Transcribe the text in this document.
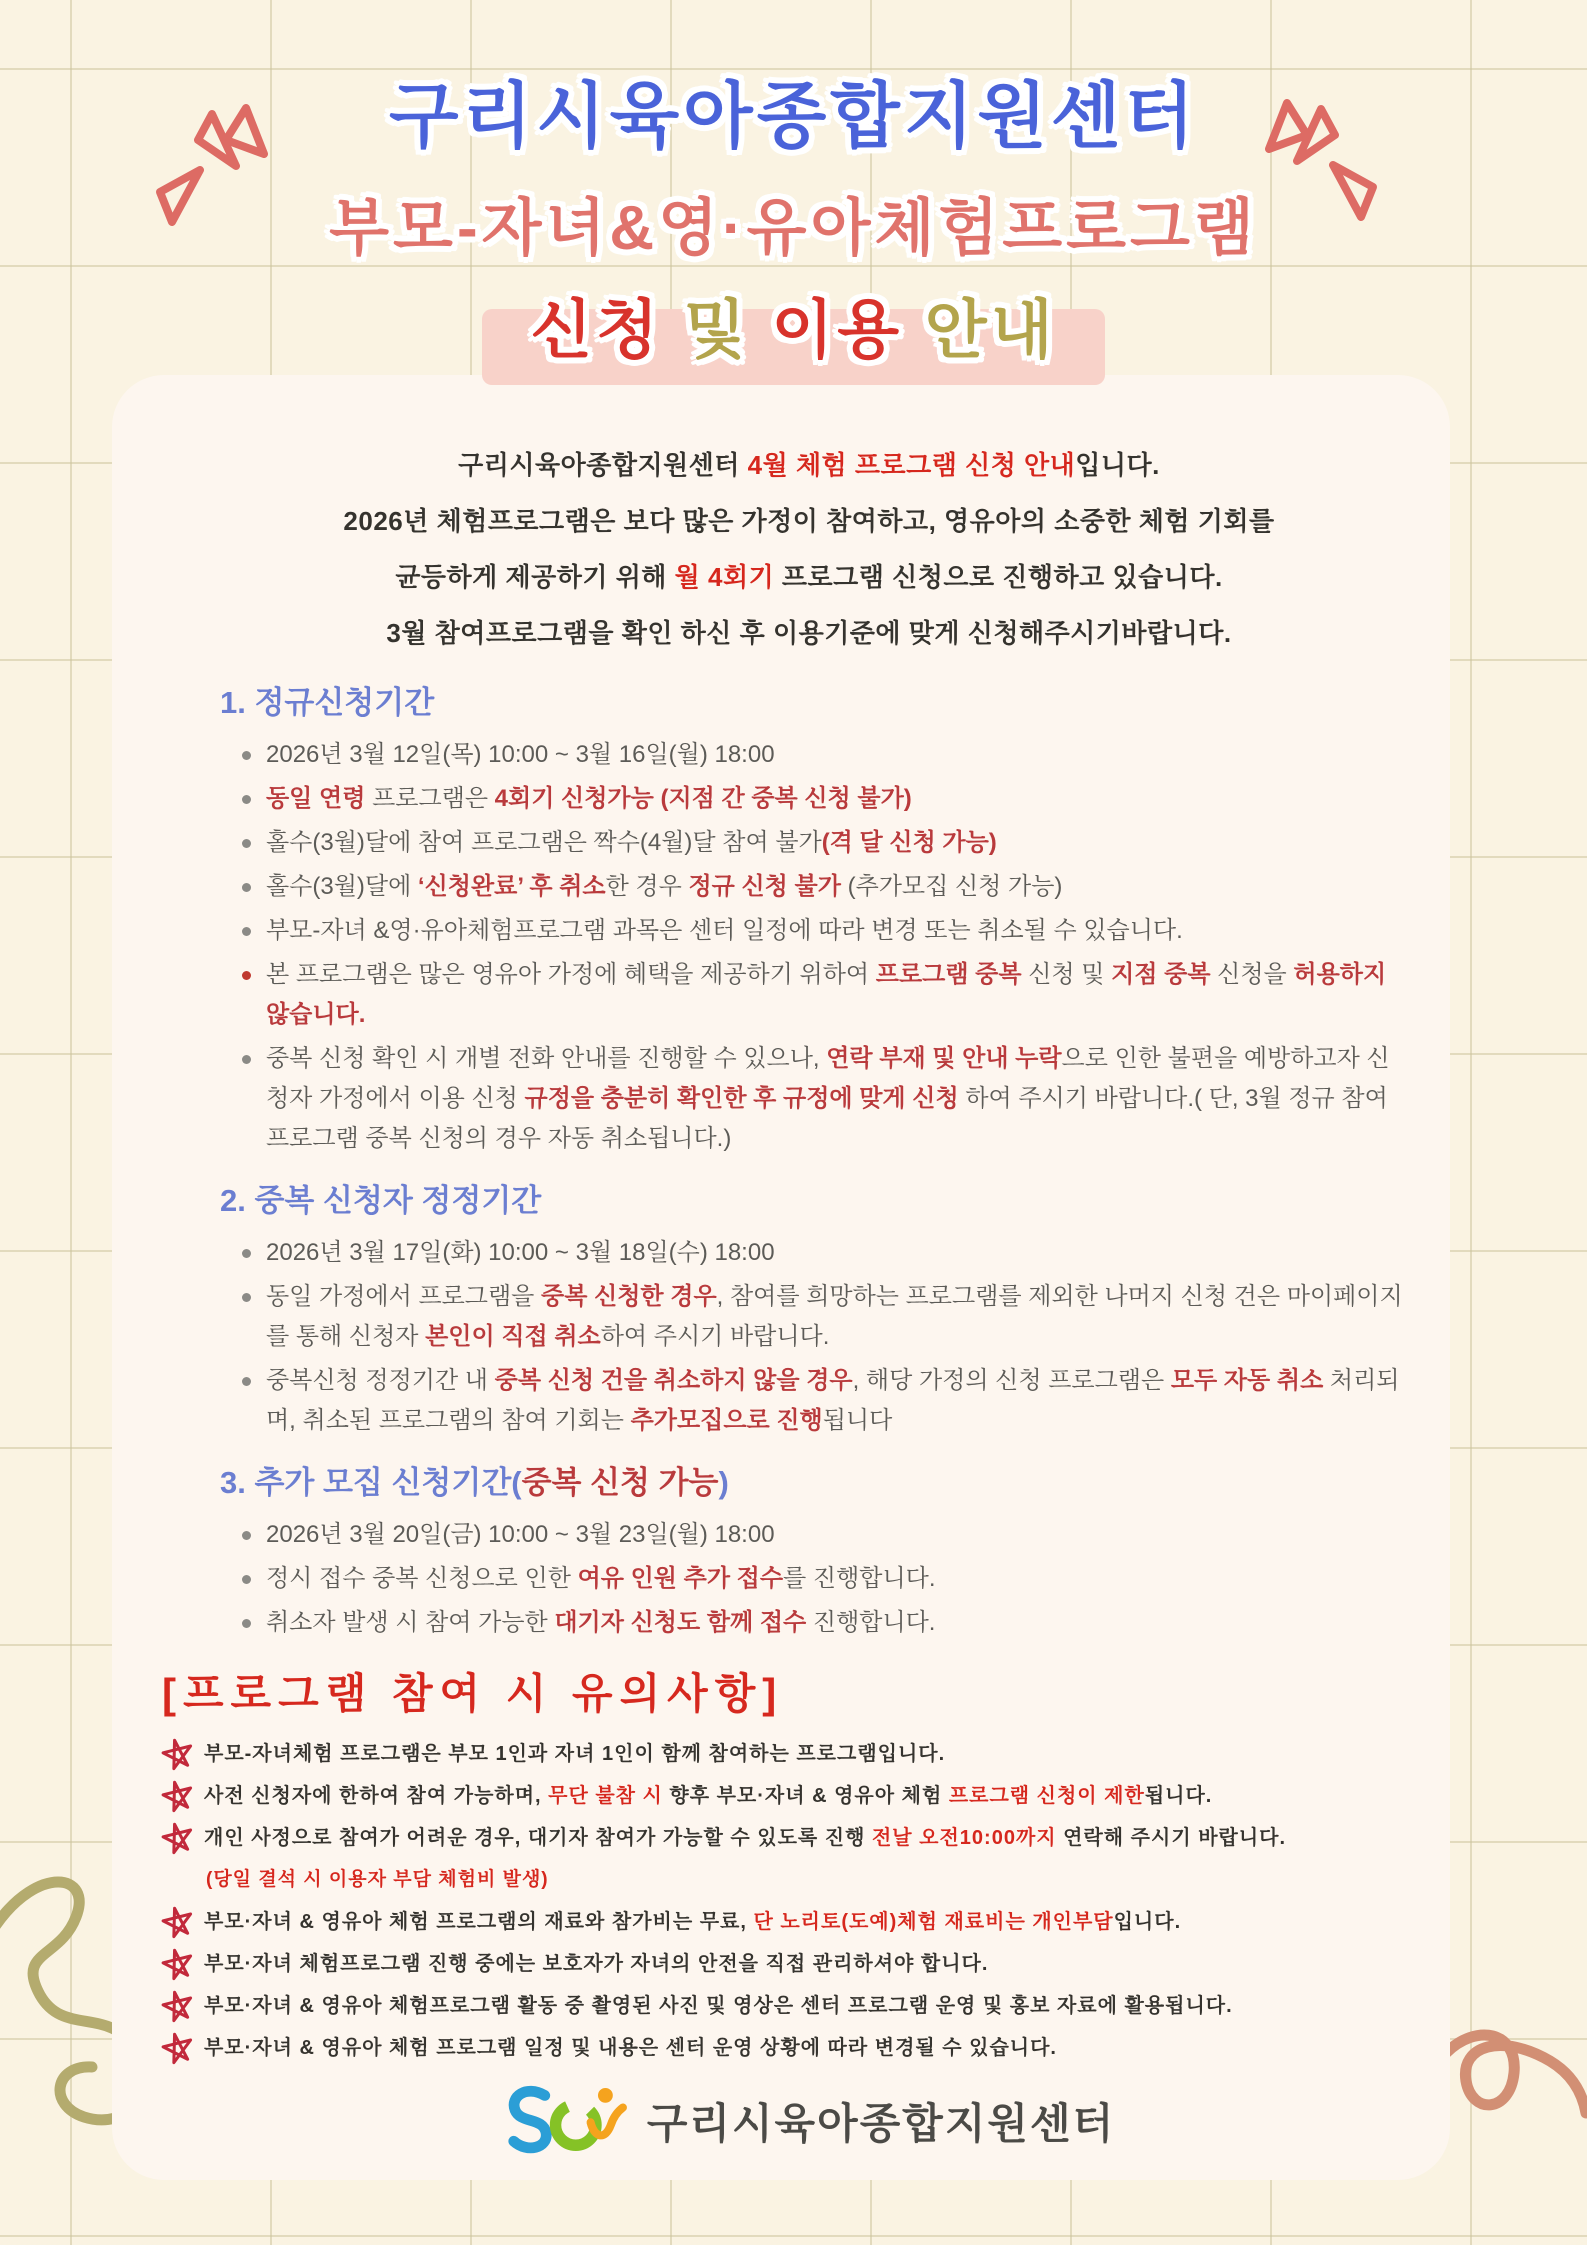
구리시육아종합지원센터
부모-자녀&영·유아체험프로그램
신청 및 이용 안내
구리시육아종합지원센터 4월 체험 프로그램 신청 안내입니다.
2026년 체험프로그램은 보다 많은 가정이 참여하고, 영유아의 소중한 체험 기회를
균등하게 제공하기 위해 월 4회기 프로그램 신청으로 진행하고 있습니다.
3월 참여프로그램을 확인 하신 후 이용기준에 맞게 신청해주시기바랍니다.
1. 정규신청기간
2026년 3월 12일(목) 10:00 ~ 3월 16일(월) 18:00
동일 연령 프로그램은 4회기 신청가능 (지점 간 중복 신청 불가)
홀수(3월)달에 참여 프로그램은 짝수(4월)달 참여 불가(격 달 신청 가능)
홀수(3월)달에 ‘신청완료’ 후 취소한 경우 정규 신청 불가 (추가모집 신청 가능)
부모-자녀 &영·유아체험프로그램 과목은 센터 일정에 따라 변경 또는 취소될 수 있습니다.
본 프로그램은 많은 영유아 가정에 혜택을 제공하기 위하여 프로그램 중복 신청 및 지점 중복 신청을 허용하지 않습니다.
중복 신청 확인 시 개별 전화 안내를 진행할 수 있으나, 연락 부재 및 안내 누락으로 인한 불편을 예방하고자 신청자 가정에서 이용 신청 규정을 충분히 확인한 후 규정에 맞게 신청 하여 주시기 바랍니다.( 단, 3월 정규 참여 프로그램 중복 신청의 경우 자동 취소됩니다.)
2. 중복 신청자 정정기간
2026년 3월 17일(화) 10:00 ~ 3월 18일(수) 18:00
동일 가정에서 프로그램을 중복 신청한 경우, 참여를 희망하는 프로그램를 제외한 나머지 신청 건은 마이페이지를 통해 신청자 본인이 직접 취소하여 주시기 바랍니다.
중복신청 정정기간 내 중복 신청 건을 취소하지 않을 경우, 해당 가정의 신청 프로그램은 모두 자동 취소 처리되며, 취소된 프로그램의 참여 기회는 추가모집으로 진행됩니다
3. 추가 모집 신청기간(중복 신청 가능)
2026년 3월 20일(금) 10:00 ~ 3월 23일(월) 18:00
정시 접수 중복 신청으로 인한 여유 인원 추가 접수를 진행합니다.
취소자 발생 시 참여 가능한 대기자 신청도 함께 접수 진행합니다.
[프로그램 참여 시 유의사항]
부모-자녀체험 프로그램은 부모 1인과 자녀 1인이 함께 참여하는 프로그램입니다.
사전 신청자에 한하여 참여 가능하며, 무단 불참 시 향후 부모·자녀 & 영유아 체험 프로그램 신청이 제한됩니다.
개인 사정으로 참여가 어려운 경우, 대기자 참여가 가능할 수 있도록 진행 전날 오전10:00까지 연락해 주시기 바랍니다.
(당일 결석 시 이용자 부담 체험비 발생)
부모·자녀 & 영유아 체험 프로그램의 재료와 참가비는 무료, 단 노리토(도예)체험 재료비는 개인부담입니다.
부모·자녀 체험프로그램 진행 중에는 보호자가 자녀의 안전을 직접 관리하셔야 합니다.
부모·자녀 & 영유아 체험프로그램 활동 중 촬영된 사진 및 영상은 센터 프로그램 운영 및 홍보 자료에 활용됩니다.
부모·자녀 & 영유아 체험 프로그램 일정 및 내용은 센터 운영 상황에 따라 변경될 수 있습니다.
구리시육아종합지원센터
